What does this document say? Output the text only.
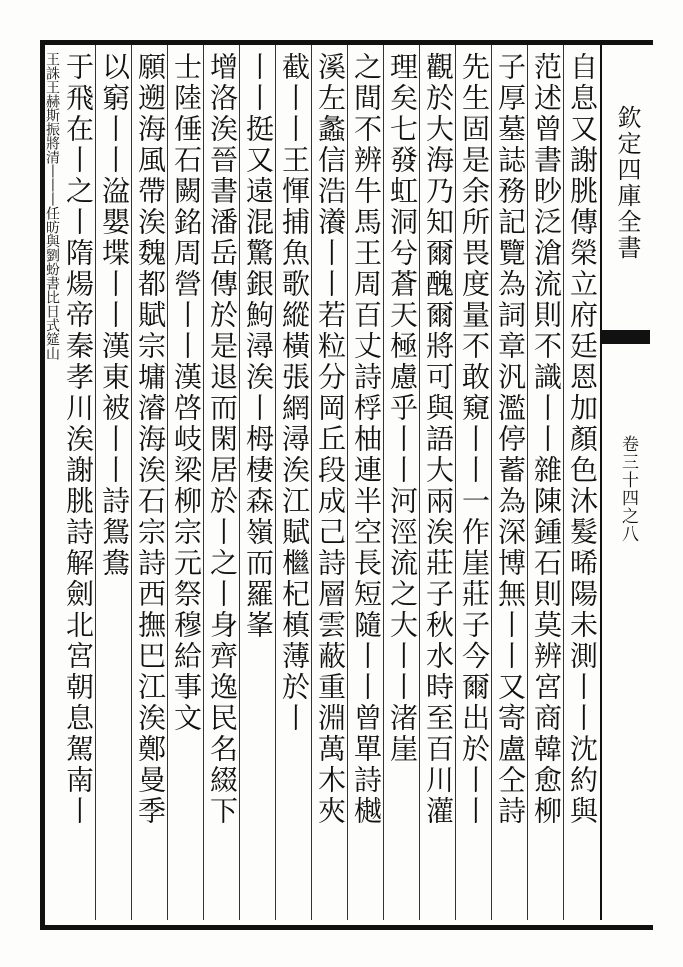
欽定四庫全書
卷三十四之八
自息又謝朓傳榮立府廷恩加顏色沐髮晞陽未測丨丨沈約與
范述曾書眇泛滄流則不識丨丨雜陳鍾石則莫辨宮商韓愈柳
子厚墓誌務記覽為詞章汎濫停蓄為深博無丨丨又寄盧仝詩
先生固是余所畏度量不敢窺丨丨一作崖莊子今爾出於丨丨
觀於大海乃知爾醜爾將可與語大兩涘莊子秋水時至百川灌
理矣七發虹洞兮蒼天極慮乎丨丨河涇流之大丨丨渚崖
之間不辨牛馬王周百丈詩桴柚連半空長短隨丨丨曾單詩樾
溪左蠡信浩瀁丨丨若粒分岡丘段成己詩層雲蔽重淵萬木夾
截丨丨王惲捕魚歌縱橫張網潯涘江賦檵杞槙薄於丨
丨丨挺又遠混驚銀鮈潯涘丨栂棲森嶺而羅峯
增洛涘晉書潘岳傳於是退而閑居於丨之丨身齊逸民名綴下
士陸倕石闕銘周營丨丨漢啓岐梁柳宗元祭穆給事文
願遡海風帶涘魏都賦宗墉濬海涘石宗詩西撫巴江涘鄭曼季
以窮丨丨湓嬰堞丨丨漢東被丨丨詩鴛鴦
于飛在丨之丨隋煬帝秦孝川涘謝朓詩解劍北宮朝息駕南丨
王誅王赫斯振將清丨丨丨任昉與劉蚡書比日式筵山
